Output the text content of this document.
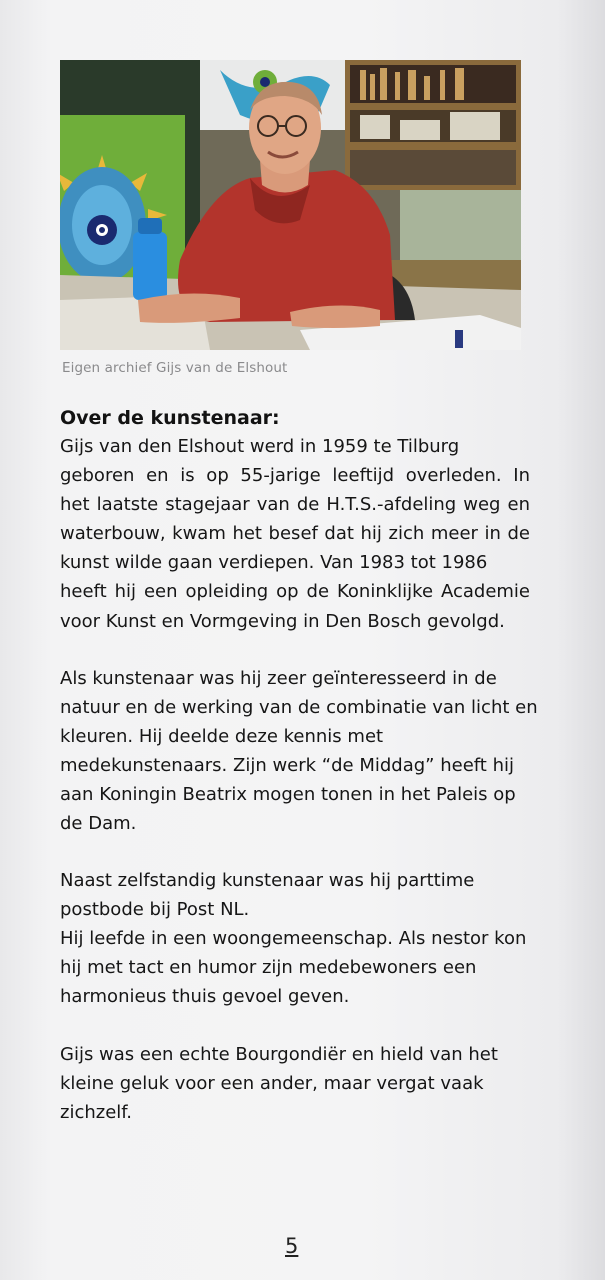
Eigen archief Gijs van de Elshout
Over de kunstenaar:

Gijs van den Elshout werd in 1959 te Tilburg
geboren en is op 55-jarige leeftijd overleden. In
het laatste stagejaar van de H.T.S.-afdeling weg en
waterbouw, kwam het besef dat hij zich meer in de
kunst wilde gaan verdiepen. Van 1983 tot 1986
heeft hij een opleiding op de Koninklijke Academie
voor Kunst en Vormgeving in Den Bosch gevolgd.

Als kunstenaar was hij zeer geïnteresseerd in de
natuur en de werking van de combinatie van licht en
kleuren. Hij deelde deze kennis met
medekunstenaars. Zijn werk “de Middag” heeft hij
aan Koningin Beatrix mogen tonen in het Paleis op
de Dam.

Naast zelfstandig kunstenaar was hij parttime
postbode bij Post NL.
Hij leefde in een woongemeenschap. Als nestor kon
hij met tact en humor zijn medebewoners een
harmonieus thuis gevoel geven.

Gijs was een echte Bourgondiër en hield van het
kleine geluk voor een ander, maar vergat vaak
zichzelf.

5
